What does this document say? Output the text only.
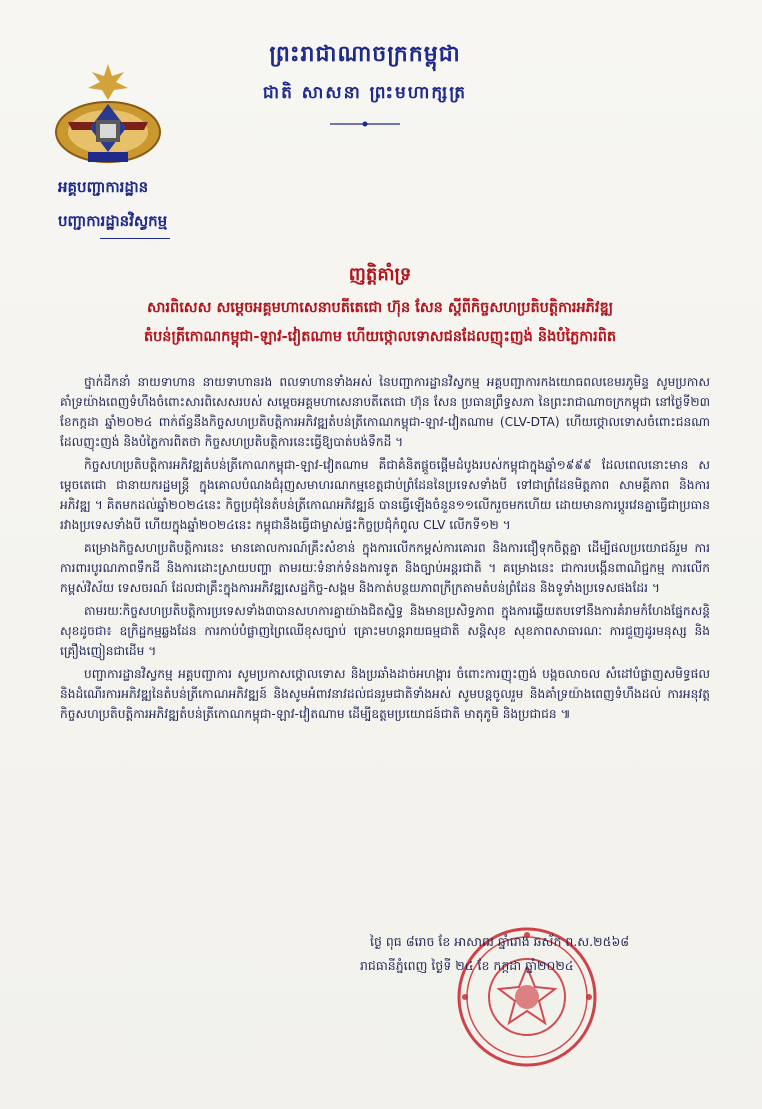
ព្រះរាជាណាចក្រកម្ពុជា
ជាតិ សាសនា ព្រះមហាក្សត្រ
អគ្គបញ្ជាការដ្ឋាន
បញ្ជាការដ្ឋានវិស្វកម្ម
ញត្តិគាំទ្រ
សារពិសេស សម្តេចអគ្គមហាសេនាបតីតេជោ ហ៊ុន សែន ស្តីពីកិច្ចសហប្រតិបត្តិការអភិវឌ្ឍ
តំបន់ត្រីកោណកម្ពុជា-ឡាវ-វៀតណាម ហើយថ្កោលទោសជនដែលញុះញង់ និងបំភ្លៃការពិត

ថ្នាក់ដឹកនាំ នាយទាហាន នាយទាហានរង ពលទាហានទាំងអស់ នៃបញ្ជាការដ្ឋានវិស្វកម្ម អគ្គបញ្ជាការកងយោធពលខេមរភូមិន្ទ សូមប្រកាសគាំទ្រយ៉ាងពេញទំហឹងចំពោះសារពិសេសរបស់ សម្តេចអគ្គមហាសេនាបតីតេជោ ហ៊ុន សែន ប្រធានព្រឹទ្ធសភា នៃព្រះរាជាណាចក្រកម្ពុជា នៅថ្ងៃទី២៣ ខែកក្កដា ឆ្នាំ២០២៤ ពាក់ព័ន្ធនឹងកិច្ចសហប្រតិបត្តិការអភិវឌ្ឍតំបន់ត្រីកោណកម្ពុជា-ឡាវ-វៀតណាម (CLV-DTA) ហើយថ្កោលទោសចំពោះជនណា ដែលញុះញង់ និងបំភ្លៃការពិតថា កិច្ចសហប្រតិបត្តិការនេះធ្វើឱ្យបាត់បង់ទឹកដី ។

កិច្ចសហប្រតិបត្តិការអភិវឌ្ឍតំបន់ត្រីកោណកម្ពុជា-ឡាវ-វៀតណាម គឺជាគំនិតផ្តួចផ្តើមដំបូងរបស់កម្ពុជាក្នុងឆ្នាំ១៩៩៩ ដែលពេលនោះមាន សម្តេចតេជោ ជានាយករដ្ឋមន្ត្រី ក្នុងគោលបំណងជំរុញសមាហរណកម្មខេត្តជាប់ព្រំដែននៃប្រទេសទាំងបី ទៅជាព្រំដែនមិត្តភាព សាមគ្គីភាព និងការអភិវឌ្ឍ ។ គិតមកដល់ឆ្នាំ២០២៤នេះ កិច្ចប្រជុំនៃតំបន់ត្រីកោណអភិវឌ្ឍន៍ បានធ្វើឡើងចំនួន១១លើករួចមកហើយ ដោយមានការប្តូរវេនគ្នាធ្វើជាប្រធាន រវាងប្រទេសទាំងបី ហើយក្នុងឆ្នាំ២០២៤នេះ កម្ពុជានឹងធ្វើជាម្ចាស់ផ្ទះកិច្ចប្រជុំកំពូល CLV លើកទី១២ ។

គម្រោងកិច្ចសហប្រតិបត្តិការនេះ មានគោលការណ៍គ្រឹះសំខាន់ ក្នុងការលើកកម្ពស់ការគោរព និងការជឿទុកចិត្តគ្នា ដើម្បីផលប្រយោជន៍រួម ការការពារបូរណភាពទឹកដី និងការដោះស្រាយបញ្ហា តាមរយៈទំនាក់ទំនងការទូត និងច្បាប់អន្តរជាតិ ។ គម្រោងនេះ ជាការបង្កើនពាណិជ្ជកម្ម ការលើកកម្ពស់វិស័យ ទេសចរណ៍ ដែលជាគ្រឹះក្នុងការអភិវឌ្ឍសេដ្ឋកិច្ច-សង្គម និងកាត់បន្ថយភាពក្រីក្រតាមតំបន់ព្រំដែន និងទូទាំងប្រទេសផងដែរ ។

តាមរយៈកិច្ចសហប្រតិបត្តិការប្រទេសទាំង៣បានសហការគ្នាយ៉ាងជិតស្និទ្ធ និងមានប្រសិទ្ធភាព ក្នុងការឆ្លើយតបទៅនឹងការគំរាមកំហែងផ្នែកសន្តិសុខដូចជា៖ ឧក្រិដ្ឋកម្មឆ្លងដែន ការកាប់បំផ្លាញព្រៃឈើខុសច្បាប់ គ្រោះមហន្តរាយធម្មជាតិ សន្តិសុខ សុខភាពសាធារណៈ ការជួញដូរមនុស្ស និងគ្រឿងញៀនជាដើម ។

បញ្ជាការដ្ឋានវិស្វកម្ម អគ្គបញ្ជាការ សូមប្រកាសថ្កោលទោស និងប្រឆាំងដាច់អហង្ការ ចំពោះការញុះញង់ បង្កចលាចល សំដៅបំផ្លាញសមិទ្ធផល និងដំណើរការអភិវឌ្ឍនៃតំបន់ត្រីកោណអភិវឌ្ឍន៍ និងសូមអំពាវនាវដល់ជនរួមជាតិទាំងអស់ សូមបន្តចូលរួម និងគាំទ្រយ៉ាងពេញទំហឹងដល់ ការអនុវត្តកិច្ចសហប្រតិបត្តិការអភិវឌ្ឍតំបន់ត្រីកោណកម្ពុជា-ឡាវ-វៀតណាម ដើម្បីឧត្តមប្រយោជន៍ជាតិ មាតុភូមិ និងប្រជាជន ៕

ថ្ងៃ ពុធ ៨រោច ខែ អាសាឍ ឆ្នាំរោង ឆស័ក ព.ស.២៥៦៨
រាជធានីភ្នំពេញ ថ្ងៃទី ២៤ ខែ កក្កដា ឆ្នាំ២០២៤
